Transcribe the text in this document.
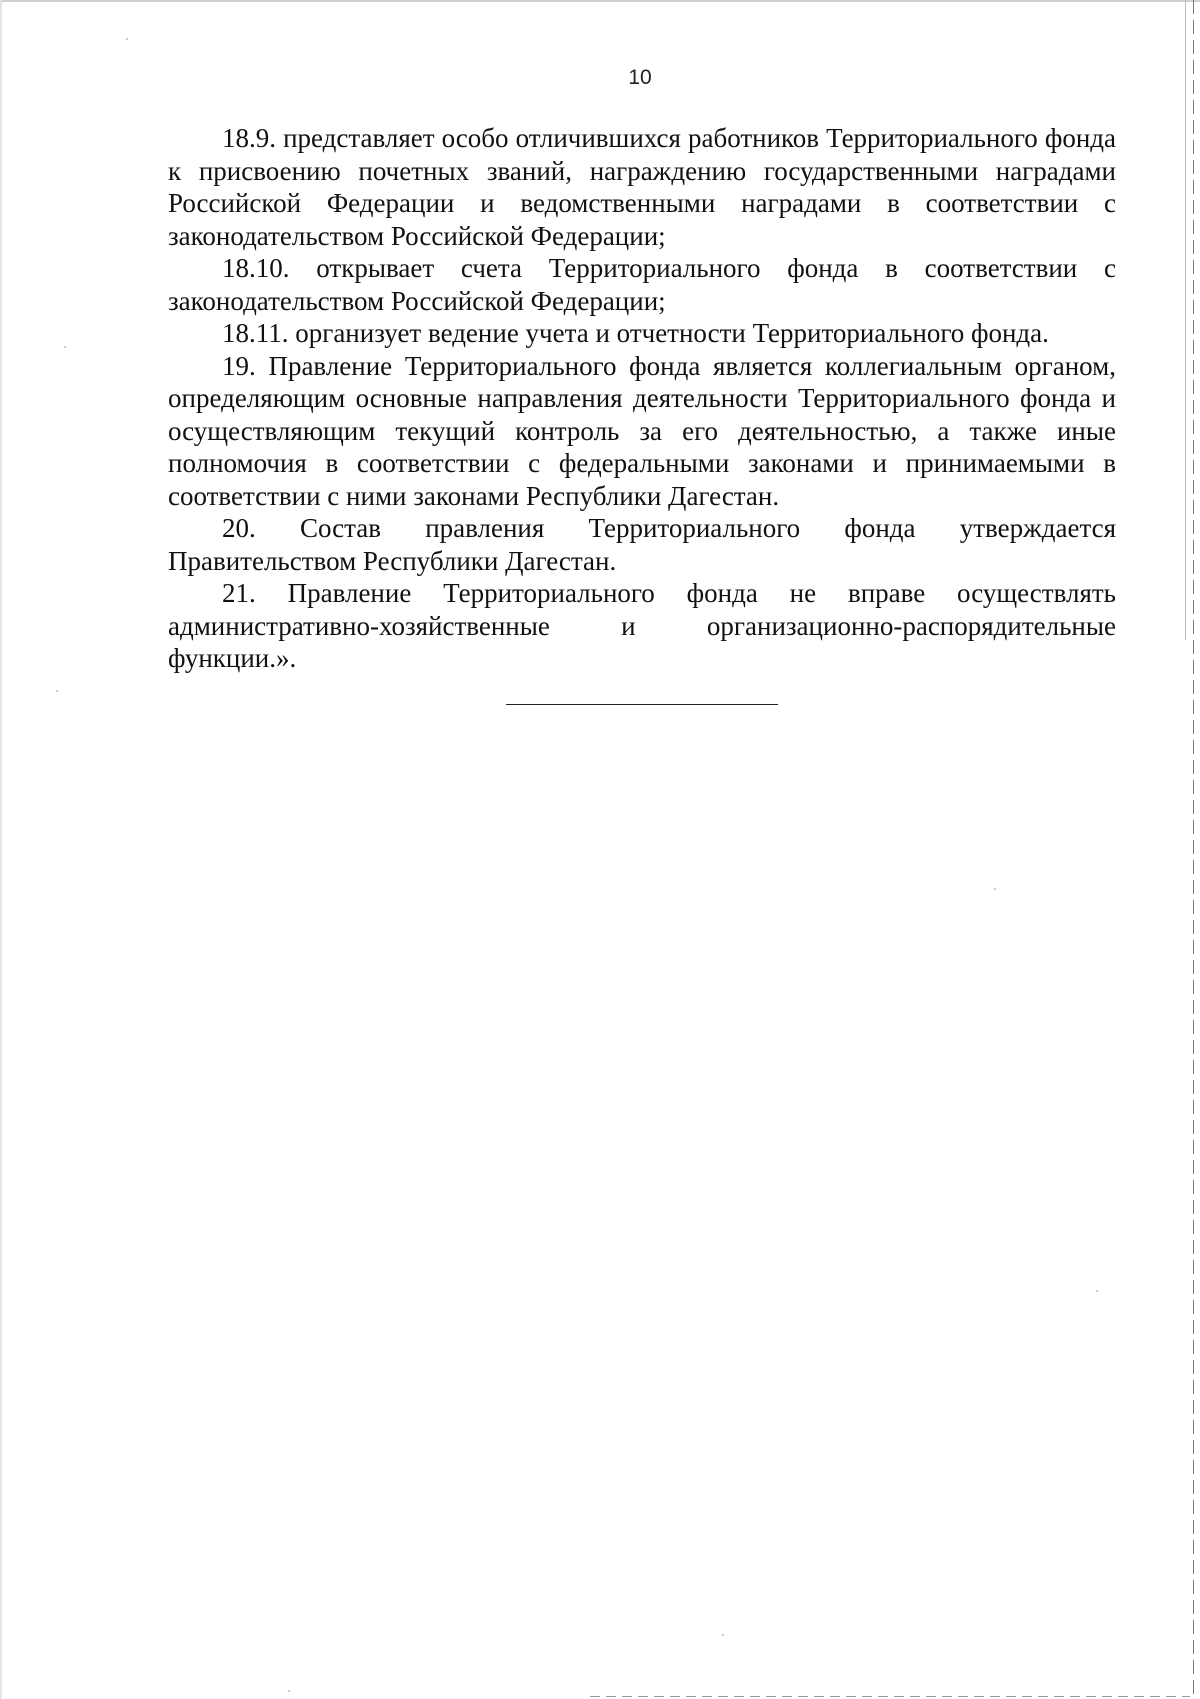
10

18.9. представляет особо отличившихся работников Территориального фонда к присвоению почетных званий, награждению государственными наградами Российской Федерации и ведомственными наградами в соответствии с законодательством Российской Федерации;

18.10. открывает счета Территориального фонда в соответствии с законодательством Российской Федерации;

18.11. организует ведение учета и отчетности Территориального фонда.

19. Правление Территориального фонда является коллегиальным органом, определяющим основные направления деятельности Территориального фонда и осуществляющим текущий контроль за его деятельностью, а также иные полномочия в соответствии с федеральными законами и принимаемыми в соответствии с ними законами Республики Дагестан.

20. Состав правления Территориального фонда утверждается Правительством Республики Дагестан.

21. Правление Территориального фонда не вправе осуществлять административно-хозяйственные и организационно-распорядительные функции.».
